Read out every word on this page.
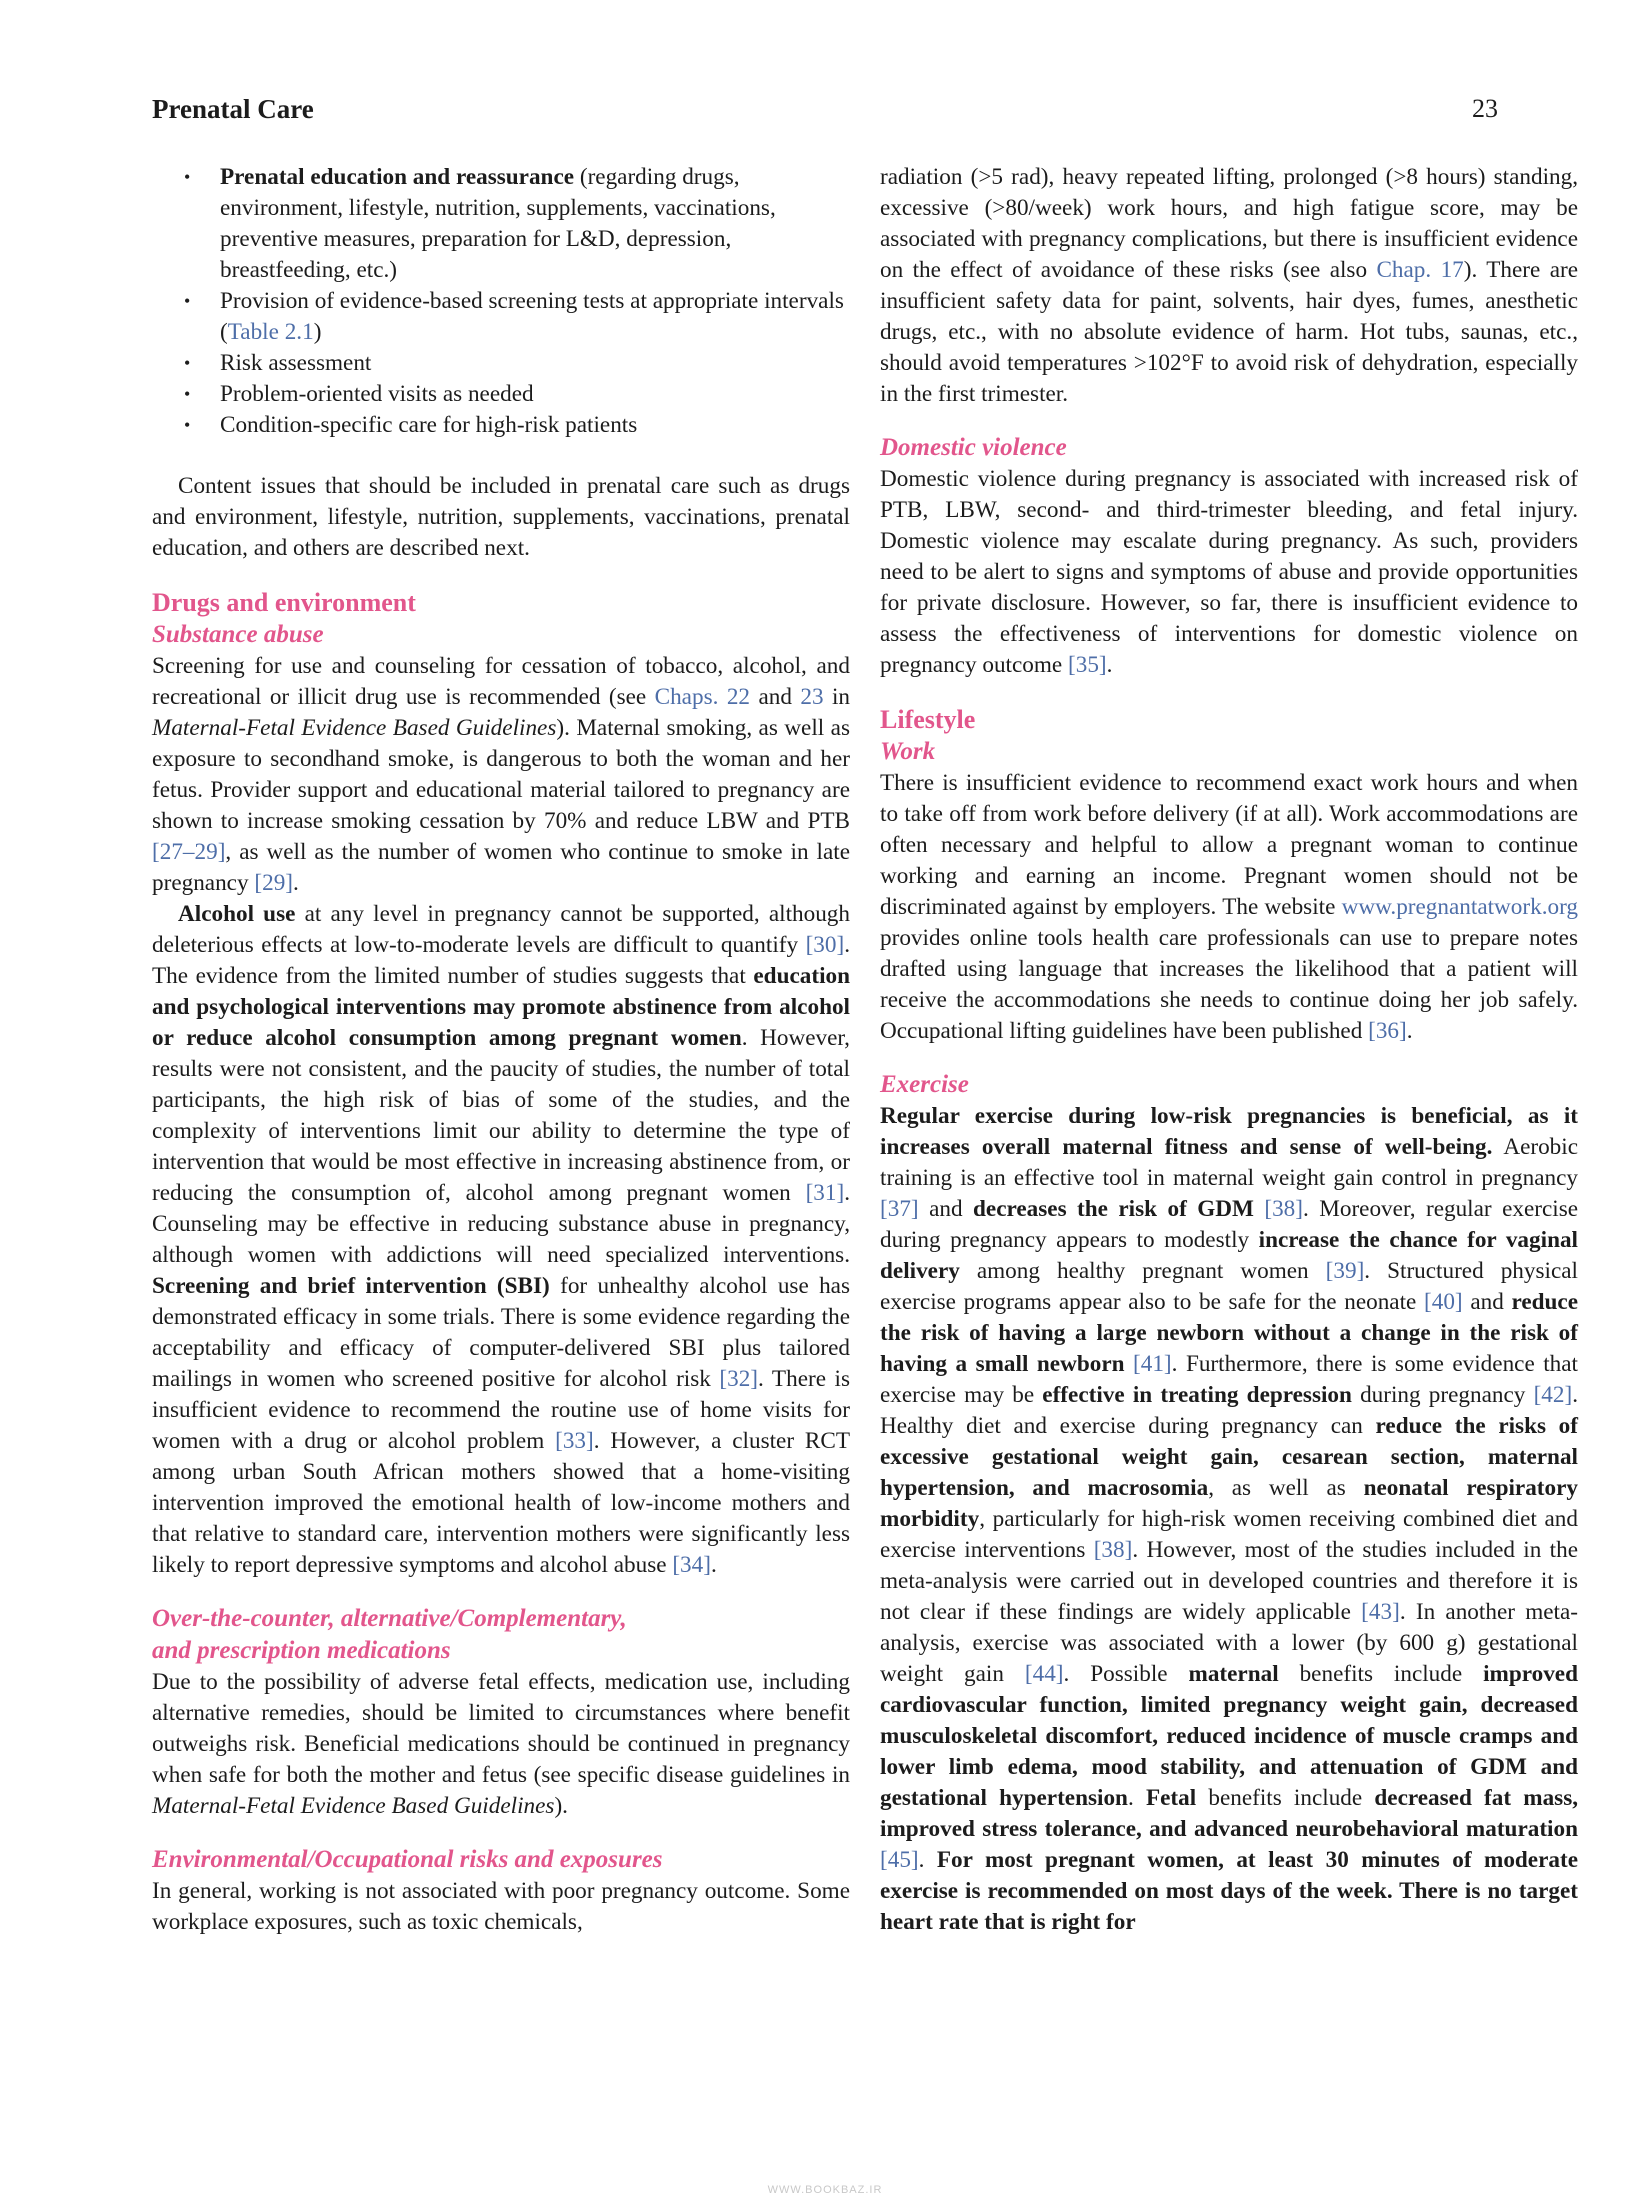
Prenatal Care	23
• Prenatal education and reassurance (regarding drugs, environment, lifestyle, nutrition, supplements, vaccinations, preventive measures, preparation for L&D, depression, breastfeeding, etc.)
• Provision of evidence-based screening tests at appropriate intervals (Table 2.1)
• Risk assessment
• Problem-oriented visits as needed
• Condition-specific care for high-risk patients

Content issues that should be included in prenatal care such as drugs and environment, lifestyle, nutrition, supplements, vaccinations, prenatal education, and others are described next.

Drugs and environment
Substance abuse

Screening for use and counseling for cessation of tobacco, alcohol, and recreational or illicit drug use is recommended (see Chaps. 22 and 23 in Maternal-Fetal Evidence Based Guidelines). Maternal smoking, as well as exposure to secondhand smoke, is dangerous to both the woman and her fetus. Provider support and educational material tailored to pregnancy are shown to increase smoking cessation by 70% and reduce LBW and PTB [27–29], as well as the number of women who continue to smoke in late pregnancy [29].

Alcohol use at any level in pregnancy cannot be supported, although deleterious effects at low-to-moderate levels are difficult to quantify [30]. The evidence from the limited number of studies suggests that education and psychological interventions may promote abstinence from alcohol or reduce alcohol consumption among pregnant women. However, results were not consistent, and the paucity of studies, the number of total participants, the high risk of bias of some of the studies, and the complexity of interventions limit our ability to determine the type of intervention that would be most effective in increasing abstinence from, or reducing the consumption of, alcohol among pregnant women [31]. Counseling may be effective in reducing substance abuse in pregnancy, although women with addictions will need specialized interventions. Screening and brief intervention (SBI) for unhealthy alcohol use has demonstrated efficacy in some trials. There is some evidence regarding the acceptability and efficacy of computer-delivered SBI plus tailored mailings in women who screened positive for alcohol risk [32]. There is insufficient evidence to recommend the routine use of home visits for women with a drug or alcohol problem [33]. However, a cluster RCT among urban South African mothers showed that a home-visiting intervention improved the emotional health of low-income mothers and that relative to standard care, intervention mothers were significantly less likely to report depressive symptoms and alcohol abuse [34].

Over-the-counter, alternative/Complementary,
and prescription medications

Due to the possibility of adverse fetal effects, medication use, including alternative remedies, should be limited to circumstances where benefit outweighs risk. Beneficial medications should be continued in pregnancy when safe for both the mother and fetus (see specific disease guidelines in Maternal-Fetal Evidence Based Guidelines).

Environmental/Occupational risks and exposures

In general, working is not associated with poor pregnancy outcome. Some workplace exposures, such as toxic chemicals,

radiation (>5 rad), heavy repeated lifting, prolonged (>8 hours) standing, excessive (>80/week) work hours, and high fatigue score, may be associated with pregnancy complications, but there is insufficient evidence on the effect of avoidance of these risks (see also Chap. 17). There are insufficient safety data for paint, solvents, hair dyes, fumes, anesthetic drugs, etc., with no absolute evidence of harm. Hot tubs, saunas, etc., should avoid temperatures >102°F to avoid risk of dehydration, especially in the first trimester.

Domestic violence

Domestic violence during pregnancy is associated with increased risk of PTB, LBW, second- and third-trimester bleeding, and fetal injury. Domestic violence may escalate during pregnancy. As such, providers need to be alert to signs and symptoms of abuse and provide opportunities for private disclosure. However, so far, there is insufficient evidence to assess the effectiveness of interventions for domestic violence on pregnancy outcome [35].

Lifestyle
Work

There is insufficient evidence to recommend exact work hours and when to take off from work before delivery (if at all). Work accommodations are often necessary and helpful to allow a pregnant woman to continue working and earning an income. Pregnant women should not be discriminated against by employers. The website www.pregnantatwork.org provides online tools health care professionals can use to prepare notes drafted using language that increases the likelihood that a patient will receive the accommodations she needs to continue doing her job safely. Occupational lifting guidelines have been published [36].

Exercise

Regular exercise during low-risk pregnancies is beneficial, as it increases overall maternal fitness and sense of well-being. Aerobic training is an effective tool in maternal weight gain control in pregnancy [37] and decreases the risk of GDM [38]. Moreover, regular exercise during pregnancy appears to modestly increase the chance for vaginal delivery among healthy pregnant women [39]. Structured physical exercise programs appear also to be safe for the neonate [40] and reduce the risk of having a large newborn without a change in the risk of having a small newborn [41]. Furthermore, there is some evidence that exercise may be effective in treating depression during pregnancy [42]. Healthy diet and exercise during pregnancy can reduce the risks of excessive gestational weight gain, cesarean section, maternal hypertension, and macrosomia, as well as neonatal respiratory morbidity, particularly for high-risk women receiving combined diet and exercise interventions [38]. However, most of the studies included in the meta-analysis were carried out in developed countries and therefore it is not clear if these findings are widely applicable [43]. In another meta-analysis, exercise was associated with a lower (by 600 g) gestational weight gain [44]. Possible maternal benefits include improved cardiovascular function, limited pregnancy weight gain, decreased musculoskeletal discomfort, reduced incidence of muscle cramps and lower limb edema, mood stability, and attenuation of GDM and gestational hypertension. Fetal benefits include decreased fat mass, improved stress tolerance, and advanced neurobehavioral maturation [45]. For most pregnant women, at least 30 minutes of moderate exercise is recommended on most days of the week. There is no target heart rate that is right for

WWW.BOOKBAZ.IR
